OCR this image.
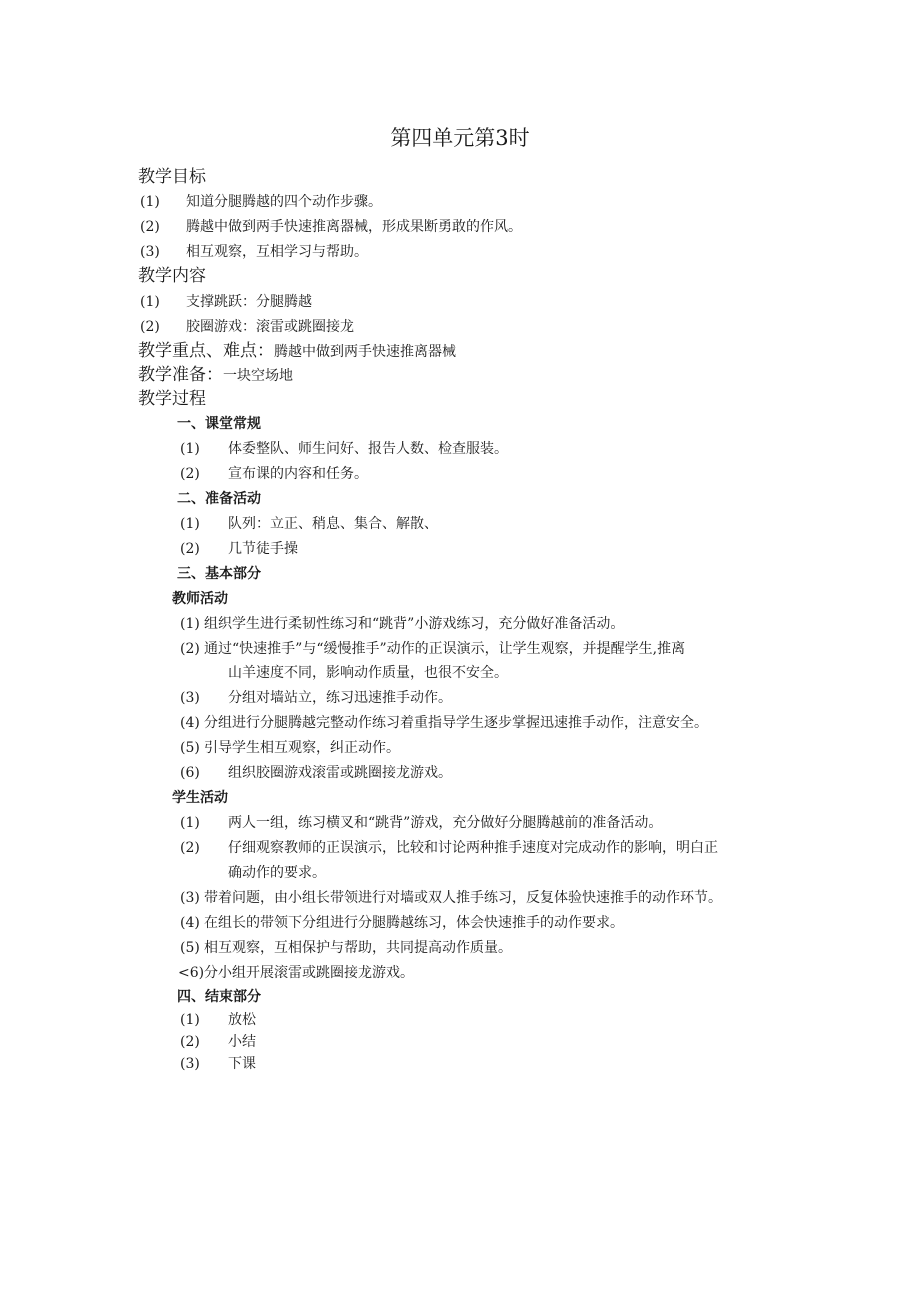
第四单元第3时
教学目标
(1) 知道分腿腾越的四个动作步骤。
(2) 腾越中做到两手快速推离器械，形成果断勇敢的作风。
(3) 相互观察，互相学习与帮助。
教学内容
(1) 支撑跳跃：分腿腾越
(2) 胶圈游戏：滚雷或跳圈接龙
教学重点、难点：腾越中做到两手快速推离器械
教学准备：一块空场地
教学过程
一、课堂常规
(1) 体委整队、师生问好、报告人数、检查服装。
(2) 宣布课的内容和任务。
二、准备活动
(1) 队列：立正、稍息、集合、解散、
(2) 几节徒手操
三、基本部分
教师活动
(1) 组织学生进行柔韧性练习和“跳背”小游戏练习，充分做好准备活动。
(2) 通过“快速推手”与“缓慢推手”动作的正误演示，让学生观察，并提醒学生,推离
山羊速度不同，影响动作质量，也很不安全。
(3) 分组对墙站立，练习迅速推手动作。
(4) 分组进行分腿腾越完整动作练习着重指导学生逐步掌握迅速推手动作，注意安全。
(5) 引导学生相互观察，纠正动作。
(6) 组织胶圈游戏滚雷或跳圈接龙游戏。
学生活动
(1) 两人一组，练习横叉和“跳背”游戏，充分做好分腿腾越前的准备活动。
(2) 仔细观察教师的正误演示，比较和讨论两种推手速度对完成动作的影响，明白正
确动作的要求。
(3) 带着问题，由小组长带领进行对墙或双人推手练习，反复体验快速推手的动作环节。
(4) 在组长的带领下分组进行分腿腾越练习，体会快速推手的动作要求。
(5) 相互观察，互相保护与帮助，共同提高动作质量。
<6)分小组开展滚雷或跳圈接龙游戏。
四、结束部分
(1) 放松
(2) 小结
(3) 下课
